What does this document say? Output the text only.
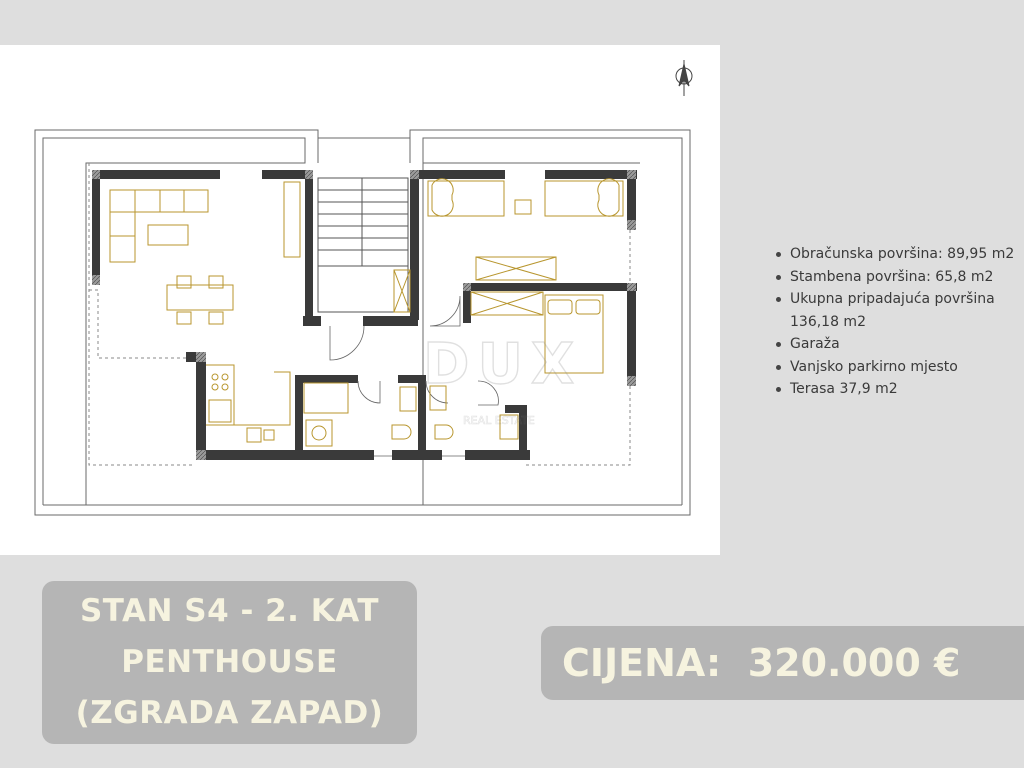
DUX
REAL ESTATE
Obračunska površina: 89,95 m2
Stambena površina: 65,8 m2
Ukupna pripadajuća površina
136,18 m2
Garaža
Vanjsko parkirno mjesto
Terasa 37,9 m2
STAN S4 - 2. KAT
PENTHOUSE
(ZGRADA ZAPAD)
CIJENA: 320.000 €
